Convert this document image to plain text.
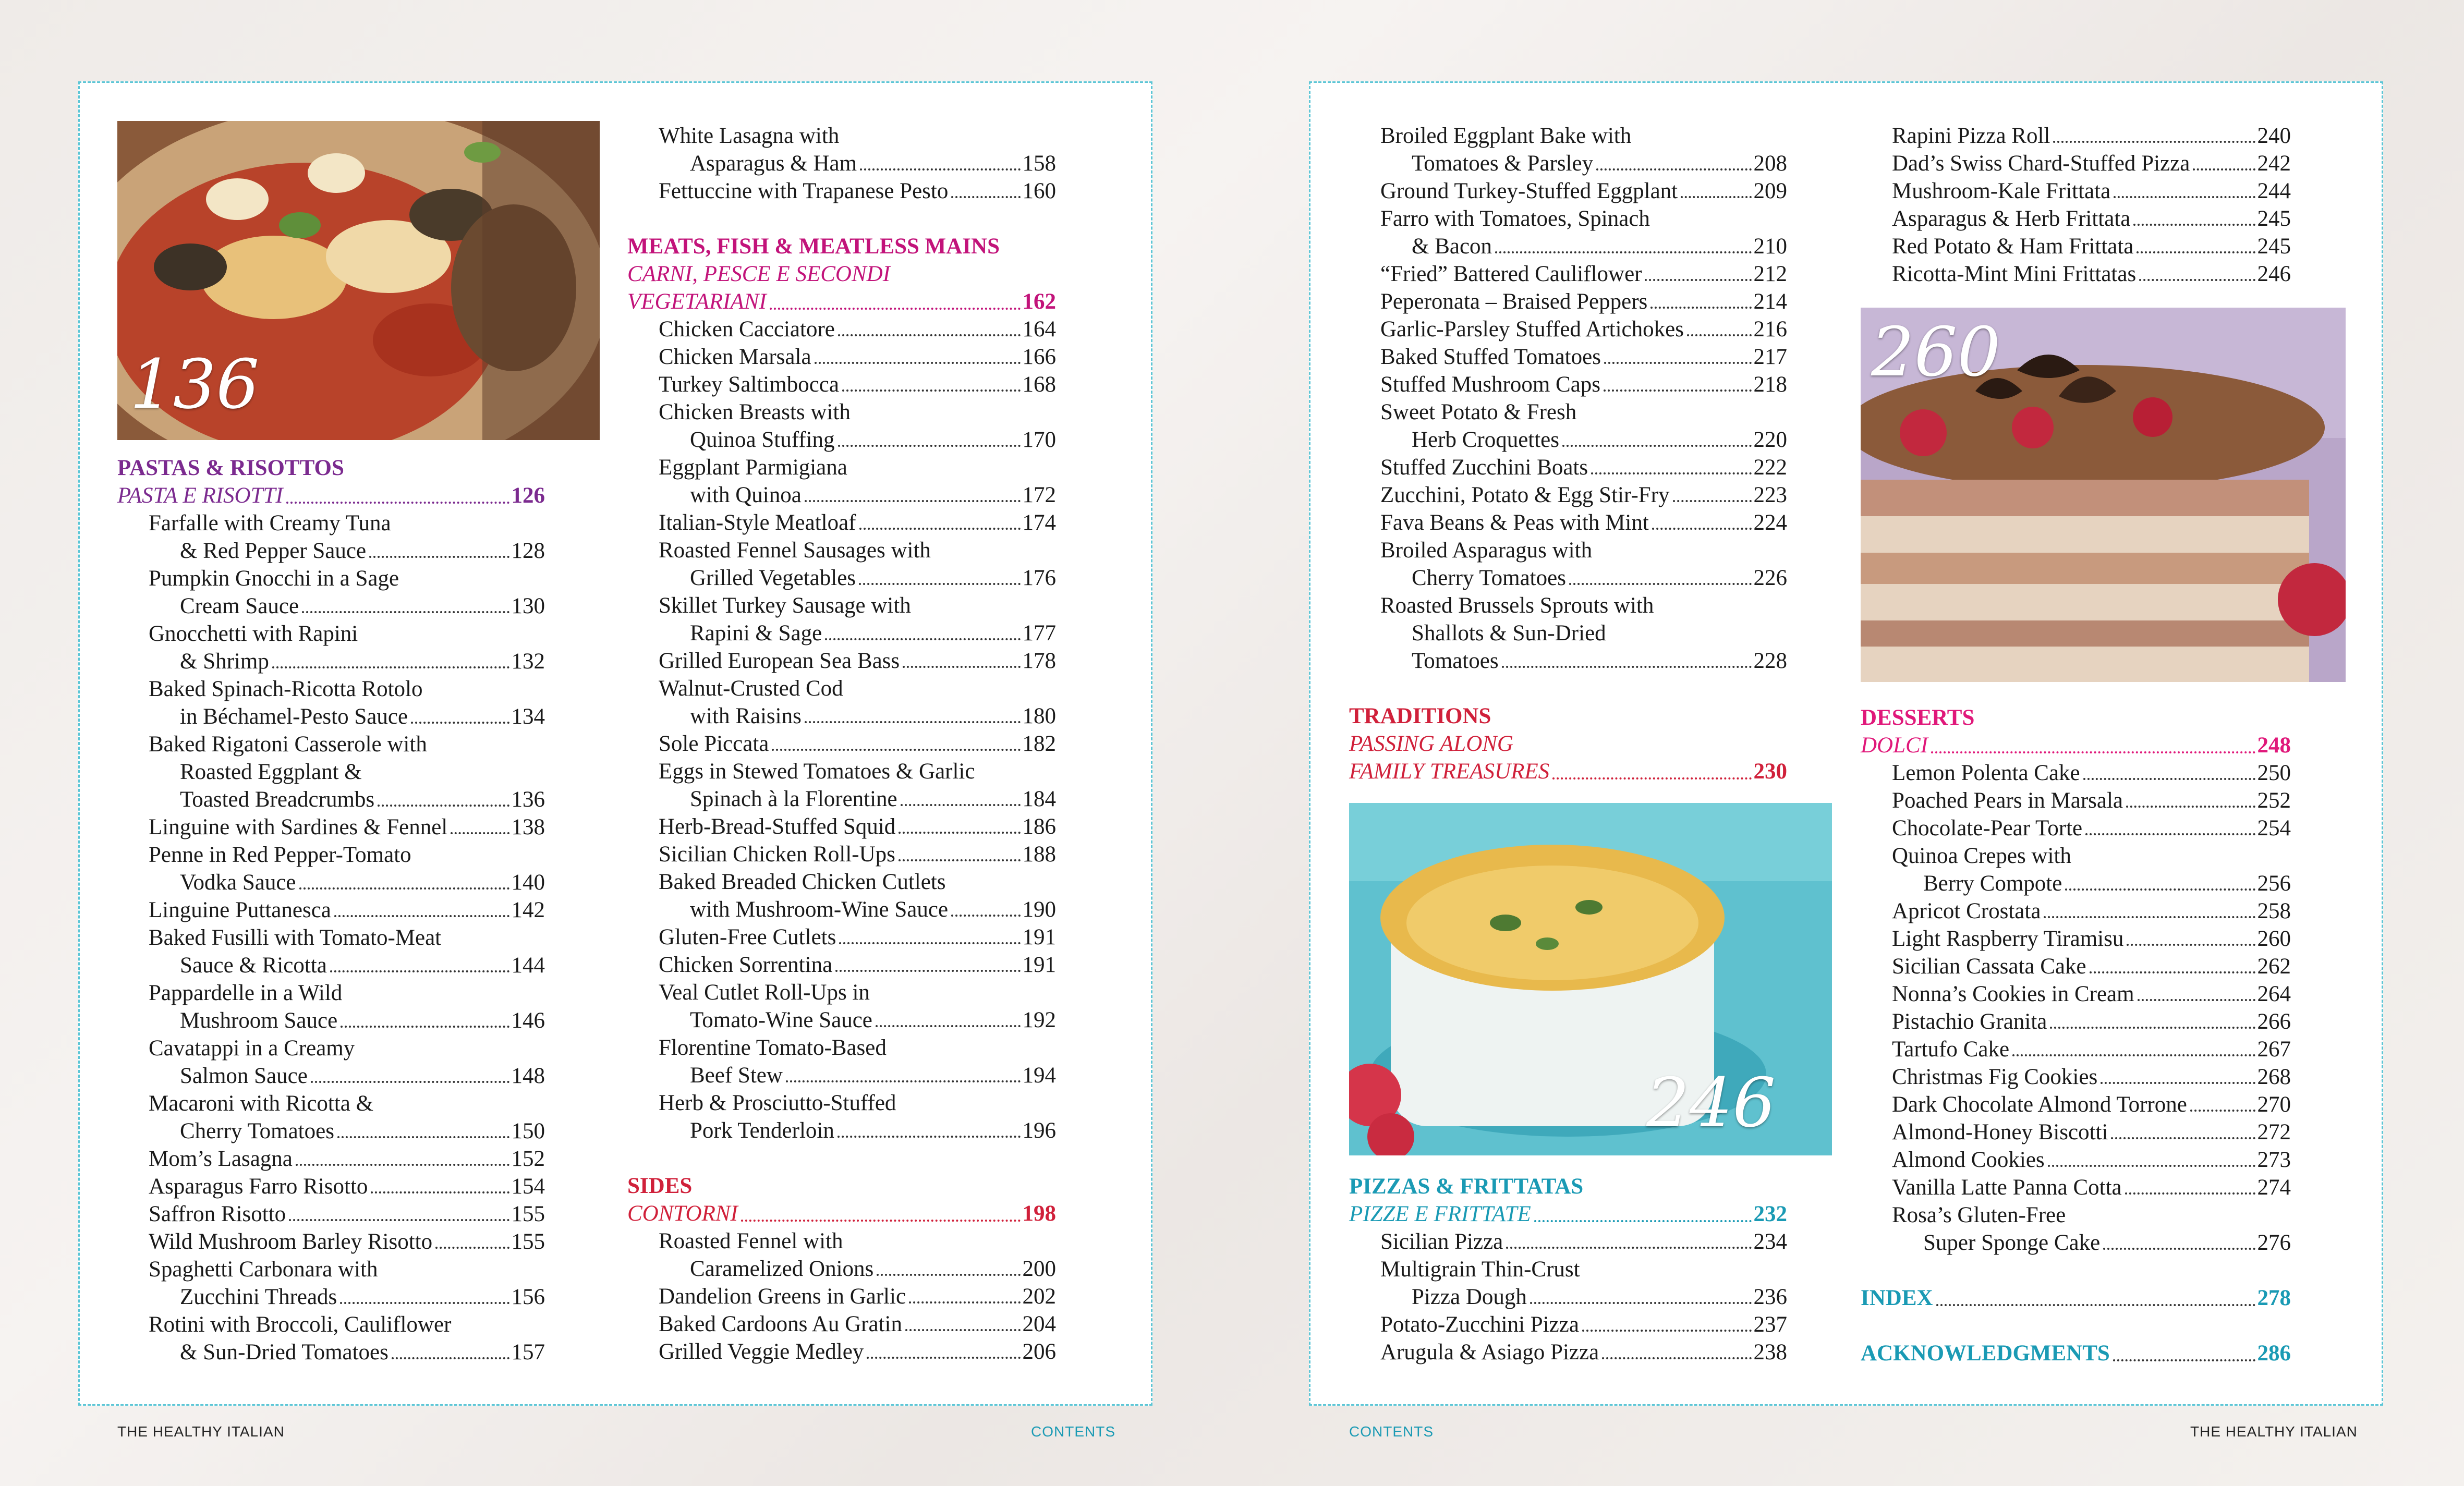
136	260
246
PASTAS & RISOTTOS
PASTA E RISOTTI	126
Farfalle with Creamy Tuna
& Red Pepper Sauce	128
Pumpkin Gnocchi in a Sage
Cream Sauce	130
Gnocchetti with Rapini
& Shrimp	132
Baked Spinach-Ricotta Rotolo
in Béchamel-Pesto Sauce	134
Baked Rigatoni Casserole with
Roasted Eggplant &
Toasted Breadcrumbs	136
Linguine with Sardines & Fennel	138
Penne in Red Pepper-Tomato
Vodka Sauce	140
Linguine Puttanesca	142
Baked Fusilli with Tomato-Meat
Sauce & Ricotta	144
Pappardelle in a Wild
Mushroom Sauce	146
Cavatappi in a Creamy
Salmon Sauce	148
Macaroni with Ricotta &
Cherry Tomatoes	150
Mom’s Lasagna	152
Asparagus Farro Risotto	154
Saffron Risotto	155
Wild Mushroom Barley Risotto	155
Spaghetti Carbonara with
Zucchini Threads	156
Rotini with Broccoli, Cauliflower
& Sun-Dried Tomatoes	157
White Lasagna with
Asparagus & Ham	158
Fettuccine with Trapanese Pesto	160
MEATS, FISH & MEATLESS MAINS
CARNI, PESCE E SECONDI
VEGETARIANI	162
Chicken Cacciatore	164
Chicken Marsala	166
Turkey Saltimbocca	168
Chicken Breasts with
Quinoa Stuffing	170
Eggplant Parmigiana
with Quinoa	172
Italian-Style Meatloaf	174
Roasted Fennel Sausages with
Grilled Vegetables	176
Skillet Turkey Sausage with
Rapini & Sage	177
Grilled European Sea Bass	178
Walnut-Crusted Cod
with Raisins	180
Sole Piccata	182
Eggs in Stewed Tomatoes & Garlic
Spinach à la Florentine	184
Herb-Bread-Stuffed Squid	186
Sicilian Chicken Roll-Ups	188
Baked Breaded Chicken Cutlets
with Mushroom-Wine Sauce	190
Gluten-Free Cutlets	191
Chicken Sorrentina	191
Veal Cutlet Roll-Ups in
Tomato-Wine Sauce	192
Florentine Tomato-Based
Beef Stew	194
Herb & Prosciutto-Stuffed
Pork Tenderloin	196
SIDES
CONTORNI	198
Roasted Fennel with
Caramelized Onions	200
Dandelion Greens in Garlic	202
Baked Cardoons Au Gratin	204
Grilled Veggie Medley	206
Broiled Eggplant Bake with
Tomatoes & Parsley	208
Ground Turkey-Stuffed Eggplant	209
Farro with Tomatoes, Spinach
& Bacon	210
“Fried” Battered Cauliflower	212
Peperonata – Braised Peppers	214
Garlic-Parsley Stuffed Artichokes	216
Baked Stuffed Tomatoes	217
Stuffed Mushroom Caps	218
Sweet Potato & Fresh
Herb Croquettes	220
Stuffed Zucchini Boats	222
Zucchini, Potato & Egg Stir-Fry	223
Fava Beans & Peas with Mint	224
Broiled Asparagus with
Cherry Tomatoes	226
Roasted Brussels Sprouts with
Shallots & Sun-Dried
Tomatoes	228
TRADITIONS
PASSING ALONG
FAMILY TREASURES	230
PIZZAS & FRITTATAS
PIZZE E FRITTATE	232
Sicilian Pizza	234
Multigrain Thin-Crust
Pizza Dough	236
Potato-Zucchini Pizza	237
Arugula & Asiago Pizza	238
Rapini Pizza Roll	240
Dad’s Swiss Chard-Stuffed Pizza	242
Mushroom-Kale Frittata	244
Asparagus & Herb Frittata	245
Red Potato & Ham Frittata	245
Ricotta-Mint Mini Frittatas	246
DESSERTS
DOLCI	248
Lemon Polenta Cake	250
Poached Pears in Marsala	252
Chocolate-Pear Torte	254
Quinoa Crepes with
Berry Compote	256
Apricot Crostata	258
Light Raspberry Tiramisu	260
Sicilian Cassata Cake	262
Nonna’s Cookies in Cream	264
Pistachio Granita	266
Tartufo Cake	267
Christmas Fig Cookies	268
Dark Chocolate Almond Torrone	270
Almond-Honey Biscotti	272
Almond Cookies	273
Vanilla Latte Panna Cotta	274
Rosa’s Gluten-Free
Super Sponge Cake	276
INDEX	278
ACKNOWLEDGMENTS	286
THE HEALTHY ITALIAN	CONTENTS	CONTENTS	THE HEALTHY ITALIAN
